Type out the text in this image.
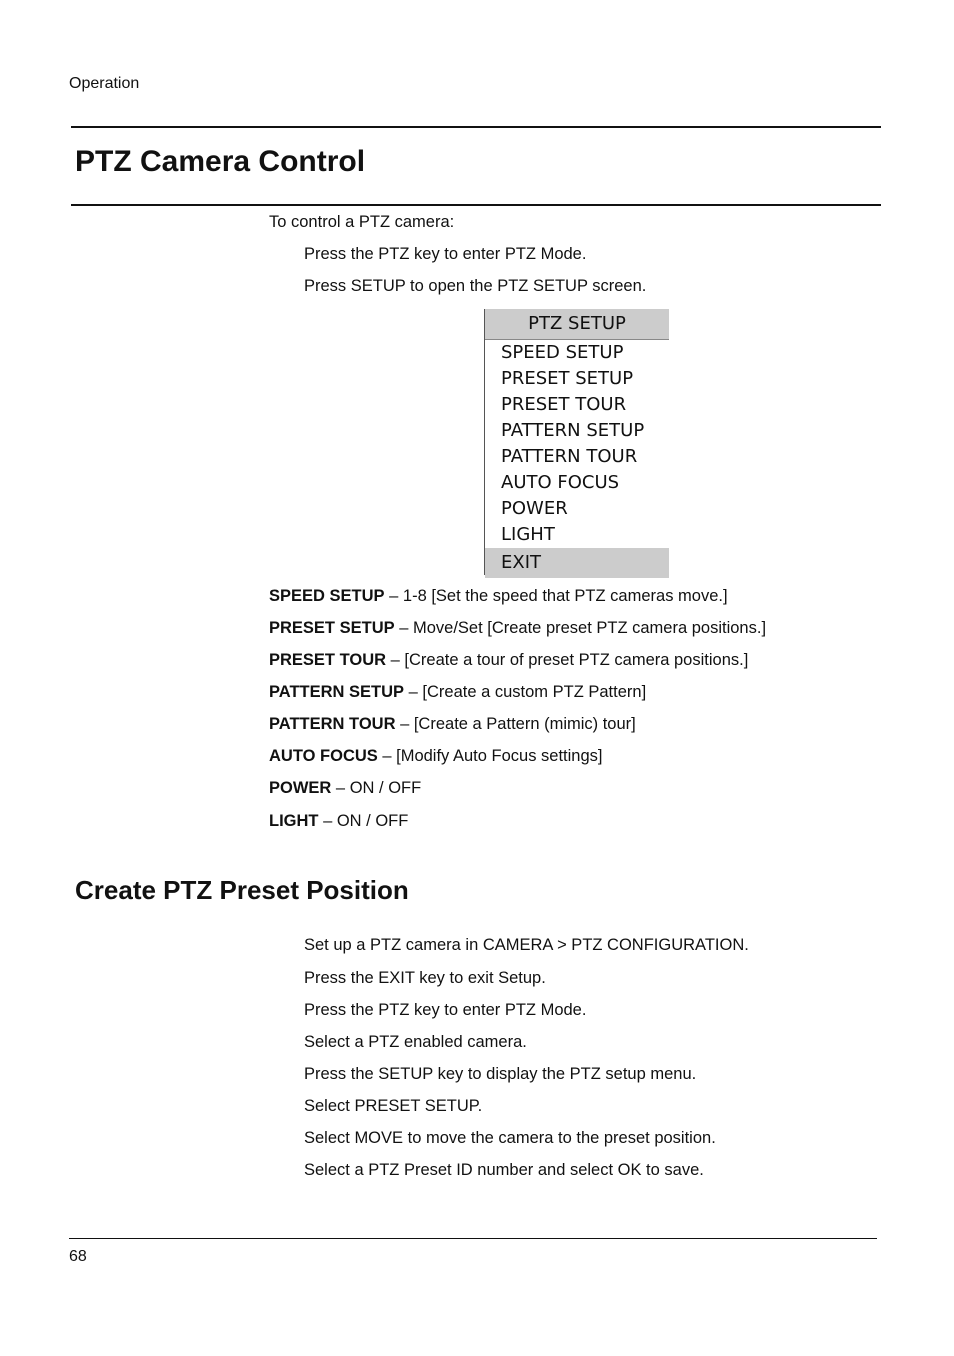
Operation
PTZ Camera Control
To control a PTZ camera:
Press the PTZ key to enter PTZ Mode.
Press SETUP to open the PTZ SETUP screen.
PTZ SETUP
SPEED SETUP
PRESET SETUP
PRESET TOUR
PATTERN SETUP
PATTERN TOUR
AUTO FOCUS
POWER
LIGHT
EXIT
SPEED SETUP – 1-8 [Set the speed that PTZ cameras move.]
PRESET SETUP – Move/Set [Create preset PTZ camera positions.]
PRESET TOUR – [Create a tour of preset PTZ camera positions.]
PATTERN SETUP – [Create a custom PTZ Pattern]
PATTERN TOUR – [Create a Pattern (mimic) tour]
AUTO FOCUS – [Modify Auto Focus settings]
POWER – ON / OFF
LIGHT – ON / OFF
Create PTZ Preset Position
Set up a PTZ camera in CAMERA > PTZ CONFIGURATION.
Press the EXIT key to exit Setup.
Press the PTZ key to enter PTZ Mode.
Select a PTZ enabled camera.
Press the SETUP key to display the PTZ setup menu.
Select PRESET SETUP.
Select MOVE to move the camera to the preset position.
Select a PTZ Preset ID number and select OK to save.
68
